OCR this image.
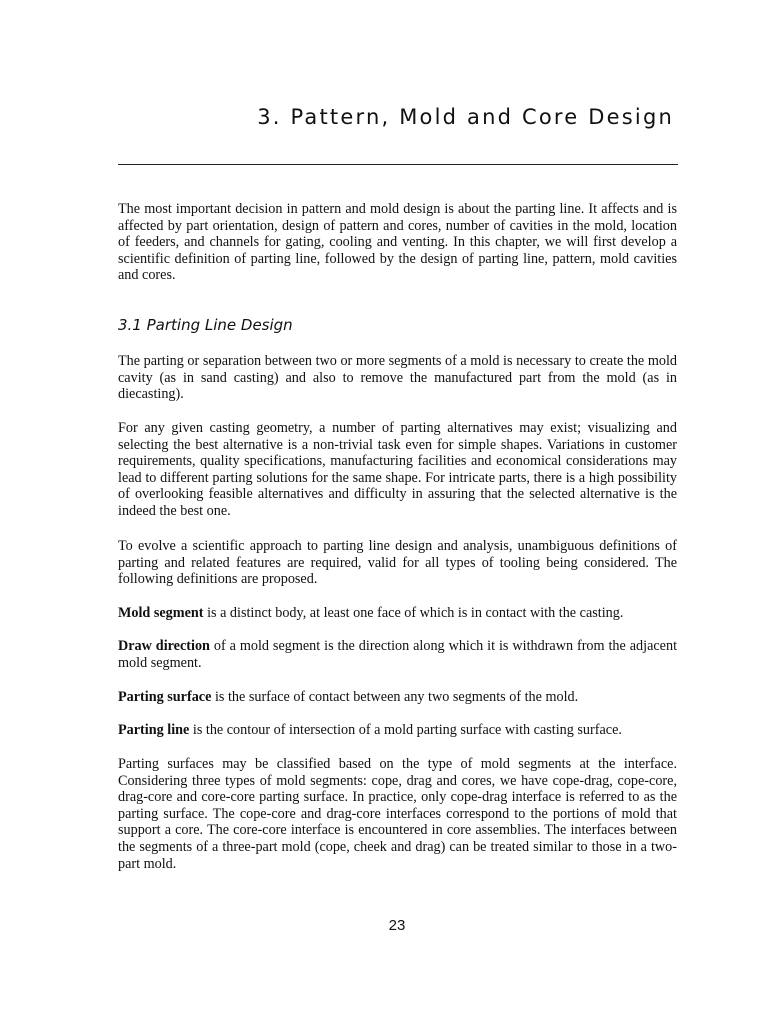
3. Pattern, Mold and Core Design

The most important decision in pattern and mold design is about the parting line. It affects and is affected by part orientation, design of pattern and cores, number of cavities in the mold, location of feeders, and channels for gating, cooling and venting. In this chapter, we will first develop a scientific definition of parting line, followed by the design of parting line, pattern, mold cavities and cores.

3.1 Parting Line Design

The parting or separation between two or more segments of a mold is necessary to create the mold cavity (as in sand casting) and also to remove the manufactured part from the mold (as in diecasting).

For any given casting geometry, a number of parting alternatives may exist; visualizing and selecting the best alternative is a non-trivial task even for simple shapes. Variations in customer requirements, quality specifications, manufacturing facilities and economical considerations may lead to different parting solutions for the same shape. For intricate parts, there is a high possibility of overlooking feasible alternatives and difficulty in assuring that the selected alternative is the indeed the best one.

To evolve a scientific approach to parting line design and analysis, unambiguous definitions of parting and related features are required, valid for all types of tooling being considered. The following definitions are proposed.

Mold segment is a distinct body, at least one face of which is in contact with the casting.

Draw direction of a mold segment is the direction along which it is withdrawn from the adjacent mold segment.

Parting surface is the surface of contact between any two segments of the mold.

Parting line is the contour of intersection of a mold parting surface with casting surface.

Parting surfaces may be classified based on the type of mold segments at the interface. Considering three types of mold segments: cope, drag and cores, we have cope-drag, cope-core, drag-core and core-core parting surface. In practice, only cope-drag interface is referred to as the parting surface. The cope-core and drag-core interfaces correspond to the portions of mold that support a core. The core-core interface is encountered in core assemblies. The interfaces between the segments of a three-part mold (cope, cheek and drag) can be treated similar to those in a two-part mold.

23
